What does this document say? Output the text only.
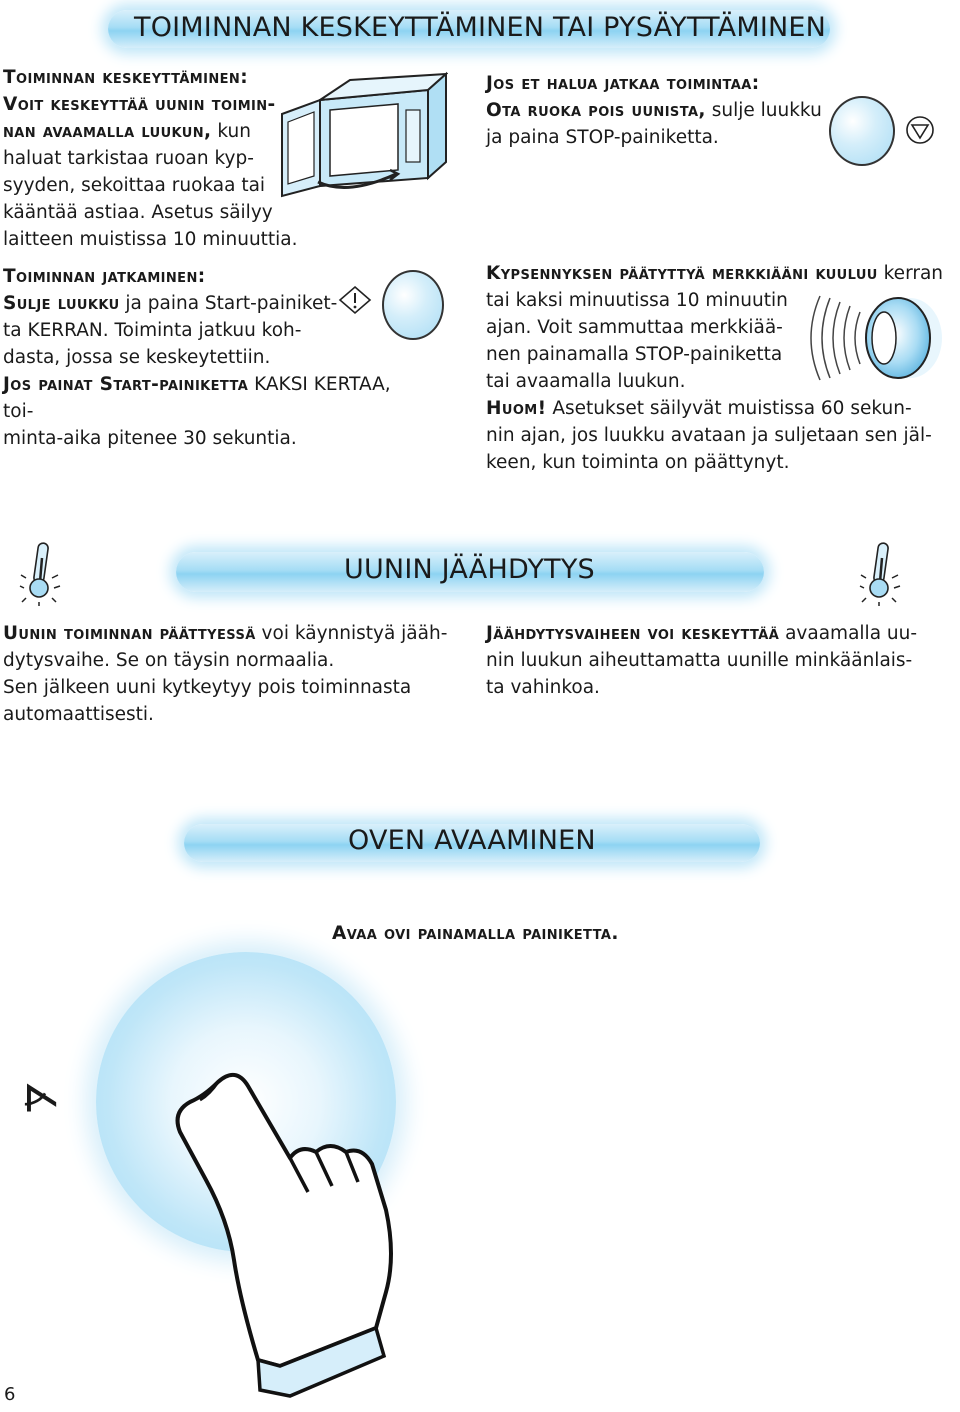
TOIMINNAN KESKEYTTÄMINEN TAI PYSÄYTTÄMINEN

Toiminnan keskeyttäminen:

Voit keskeyttää uunin toimin-

nan avaamalla luukun, kun

haluat tarkistaa ruoan kyp-

syyden, sekoittaa ruokaa tai

kääntää astiaa. Asetus säilyy

laitteen muistissa 10 minuuttia.

Toiminnan jatkaminen:

Sulje luukku ja paina Start-painiket-

ta KERRAN. Toiminta jatkuu koh-

dasta, jossa se keskeytettiin.

Jos painat Start-painiketta KAKSI KERTAA, toi-

minta-aika pitenee 30 sekuntia.

Jos et halua jatkaa toimintaa:

Ota ruoka pois uunista, sulje luukku

ja paina STOP-painiketta.

Kypsennyksen päätyttyä merkkiääni kuuluu kerran

tai kaksi minuutissa 10 minuutin

ajan. Voit sammuttaa merkkiää-

nen painamalla STOP-painiketta

tai avaamalla luukun.

Huom! Asetukset säilyvät muistissa 60 sekun-

nin ajan, jos luukku avataan ja suljetaan sen jäl-

keen, kun toiminta on päättynyt.

UUNIN JÄÄHDYTYS

Uunin toiminnan päättyessä voi käynnistyä jääh-

dytysvaihe. Se on täysin normaalia.

Sen jälkeen uuni kytkeytyy pois toiminnasta

automaattisesti.

Jäähdytysvaiheen voi keskeyttää avaamalla uu-

nin luukun aiheuttamatta uunille minkäänlais-

ta vahinkoa.

OVEN AVAAMINEN

Avaa ovi painamalla painiketta.

∡
6
